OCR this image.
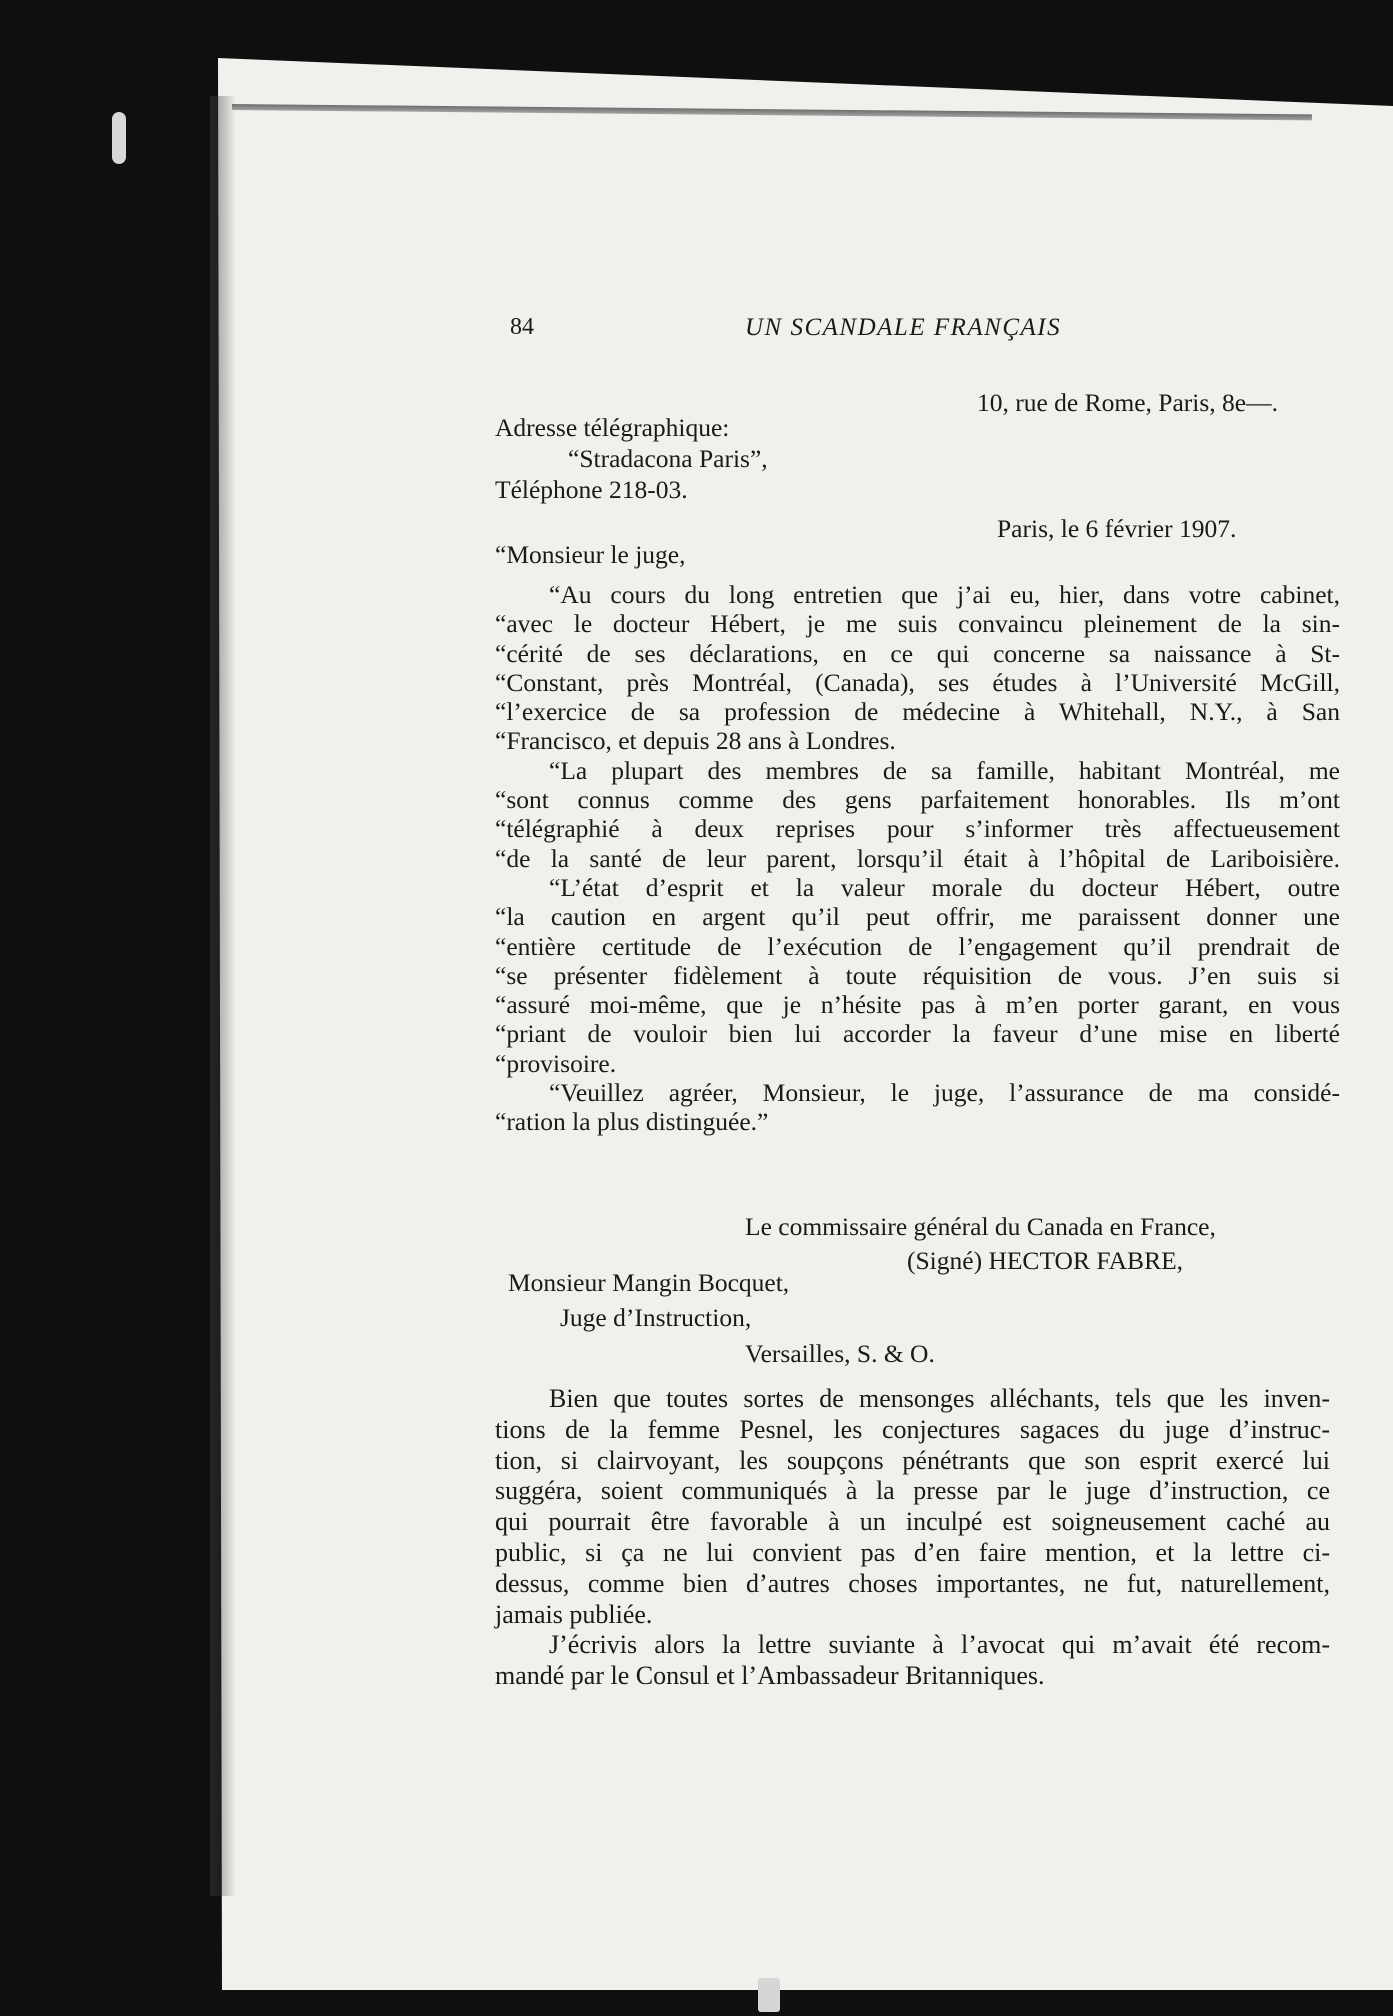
84	UN SCANDALE FRANÇAIS
10, rue de Rome, Paris, 8e—.
Adresse télégraphique:
“Stradacona Paris”,
Téléphone 218-03.
Paris, le 6 février 1907.
“Monsieur le juge,
“Au cours du long entretien que j’ai eu, hier, dans votre cabinet,
“avec le docteur Hébert, je me suis convaincu pleinement de la sin-
“cérité de ses déclarations, en ce qui concerne sa naissance à St-
“Constant, près Montréal, (Canada), ses études à l’Université McGill,
“l’exercice de sa profession de médecine à Whitehall, N.Y., à San
“Francisco, et depuis 28 ans à Londres.
“La plupart des membres de sa famille, habitant Montréal, me
“sont connus comme des gens parfaitement honorables. Ils m’ont
“télégraphié à deux reprises pour s’informer très affectueusement
“de la santé de leur parent, lorsqu’il était à l’hôpital de Lariboisière.
“L’état d’esprit et la valeur morale du docteur Hébert, outre
“la caution en argent qu’il peut offrir, me paraissent donner une
“entière certitude de l’exécution de l’engagement qu’il prendrait de
“se présenter fidèlement à toute réquisition de vous. J’en suis si
“assuré moi-même, que je n’hésite pas à m’en porter garant, en vous
“priant de vouloir bien lui accorder la faveur d’une mise en liberté
“provisoire.
“Veuillez agréer, Monsieur, le juge, l’assurance de ma considé-
“ration la plus distinguée.”
Le commissaire général du Canada en France,
(Signé) HECTOR FABRE,
Monsieur Mangin Bocquet,
Juge d’Instruction,
Versailles, S. & O.
Bien que toutes sortes de mensonges alléchants, tels que les inven-
tions de la femme Pesnel, les conjectures sagaces du juge d’instruc-
tion, si clairvoyant, les soupçons pénétrants que son esprit exercé lui
suggéra, soient communiqués à la presse par le juge d’instruction, ce
qui pourrait être favorable à un inculpé est soigneusement caché au
public, si ça ne lui convient pas d’en faire mention, et la lettre ci-
dessus, comme bien d’autres choses importantes, ne fut, naturellement,
jamais publiée.
J’écrivis alors la lettre suviante à l’avocat qui m’avait été recom-
mandé par le Consul et l’Ambassadeur Britanniques.
